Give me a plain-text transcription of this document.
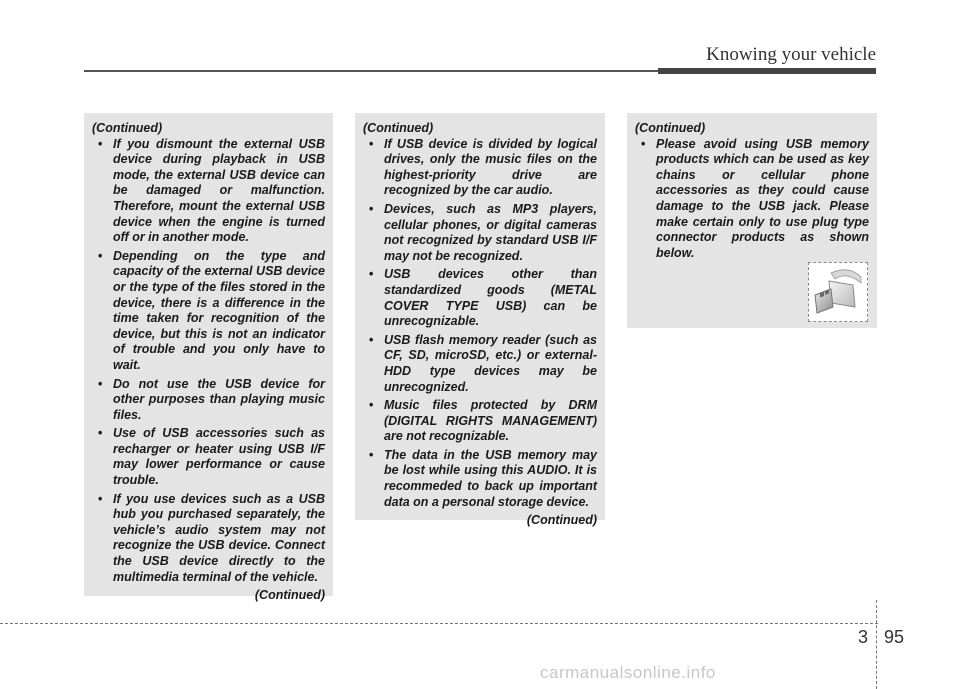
Knowing your vehicle
(Continued)
• If you dismount the external USB device during playback in USB mode, the external USB device can be damaged or malfunction. Therefore, mount the external USB device when the engine is turned off or in another mode.
• Depending on the type and capacity of the external USB device or the type of the files stored in the device, there is a difference in the time taken for recognition of the device, but this is not an indicator of trouble and you only have to wait.
• Do not use the USB device for other purposes than playing music files.
• Use of USB accessories such as recharger or heater using USB I/F may lower performance or cause trouble.
• If you use devices such as a USB hub you purchased separately, the vehicle’s audio system may not recognize the USB device. Connect the USB device directly to the multimedia terminal of the vehicle.
(Continued)
(Continued)
• If USB device is divided by logical drives, only the music files on the highest-priority drive are recognized by the car audio.
• Devices, such as MP3 players, cellular phones, or digital cameras not recognized by standard USB I/F may not be recognized.
• USB devices other than standardized goods (METAL COVER TYPE USB) can be unrecognizable.
• USB flash memory reader (such as CF, SD, microSD, etc.) or external-HDD type devices may be unrecognized.
• Music files protected by DRM (DIGITAL RIGHTS MANAGEMENT) are not recognizable.
• The data in the USB memory may be lost while using this AUDIO. It is recommeded to back up important data on a personal storage device.
(Continued)
(Continued)
• Please avoid using USB memory products which can be used as key chains or cellular phone accessories as they could cause damage to the USB jack. Please make certain only to use plug type connector products as shown below.
3 95
carmanualsonline.info
